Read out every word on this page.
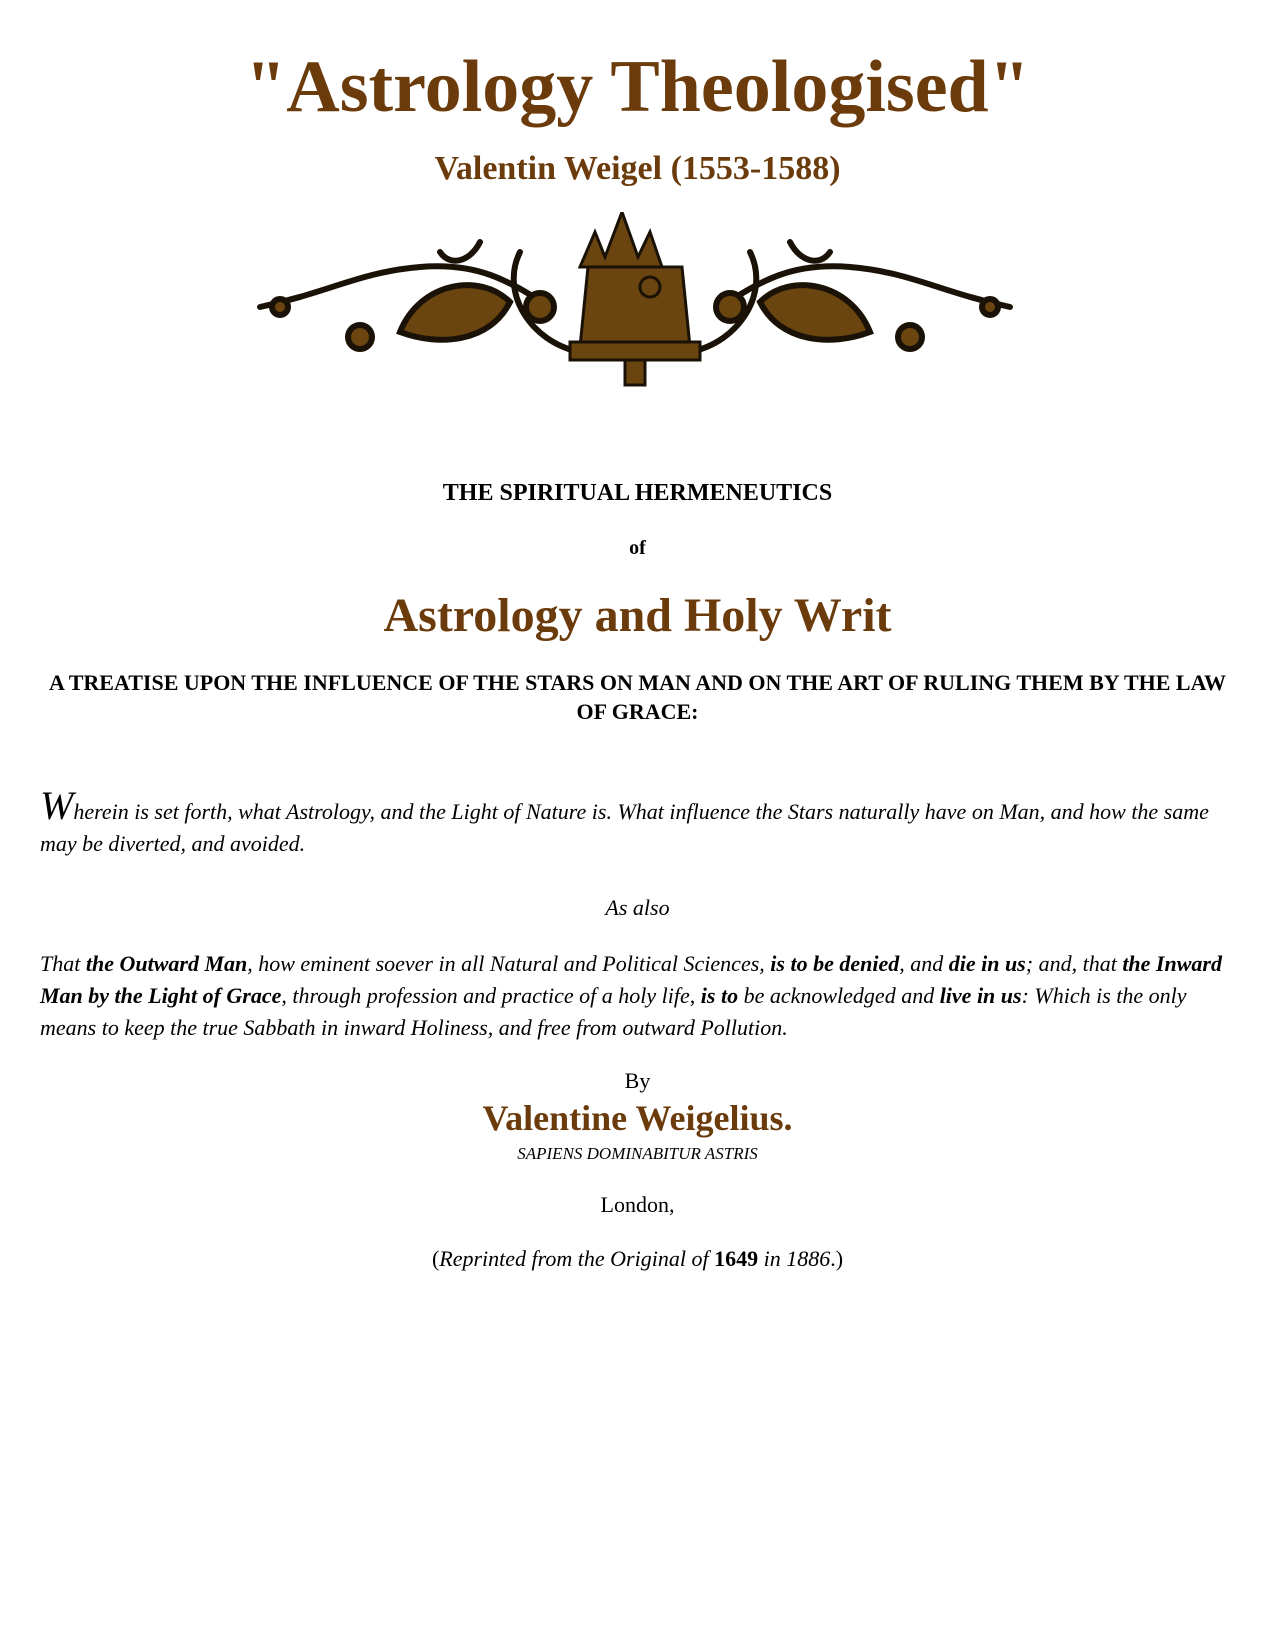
"Astrology Theologised"
Valentin Weigel (1553-1588)
THE SPIRITUAL HERMENEUTICS
of
Astrology and Holy Writ
A TREATISE UPON THE INFLUENCE OF THE STARS ON MAN AND ON THE ART OF RULING THEM BY THE LAW OF GRACE:
Wherein is set forth, what Astrology, and the Light of Nature is. What influence the Stars naturally have on Man, and how the same may be diverted, and avoided.
As also
That the Outward Man, how eminent soever in all Natural and Political Sciences, is to be denied, and die in us; and, that the Inward Man by the Light of Grace, through profession and practice of a holy life, is to be acknowledged and live in us: Which is the only means to keep the true Sabbath in inward Holiness, and free from outward Pollution.
By
Valentine Weigelius.
SAPIENS DOMINABITUR ASTRIS
London,
(Reprinted from the Original of 1649 in 1886.)
